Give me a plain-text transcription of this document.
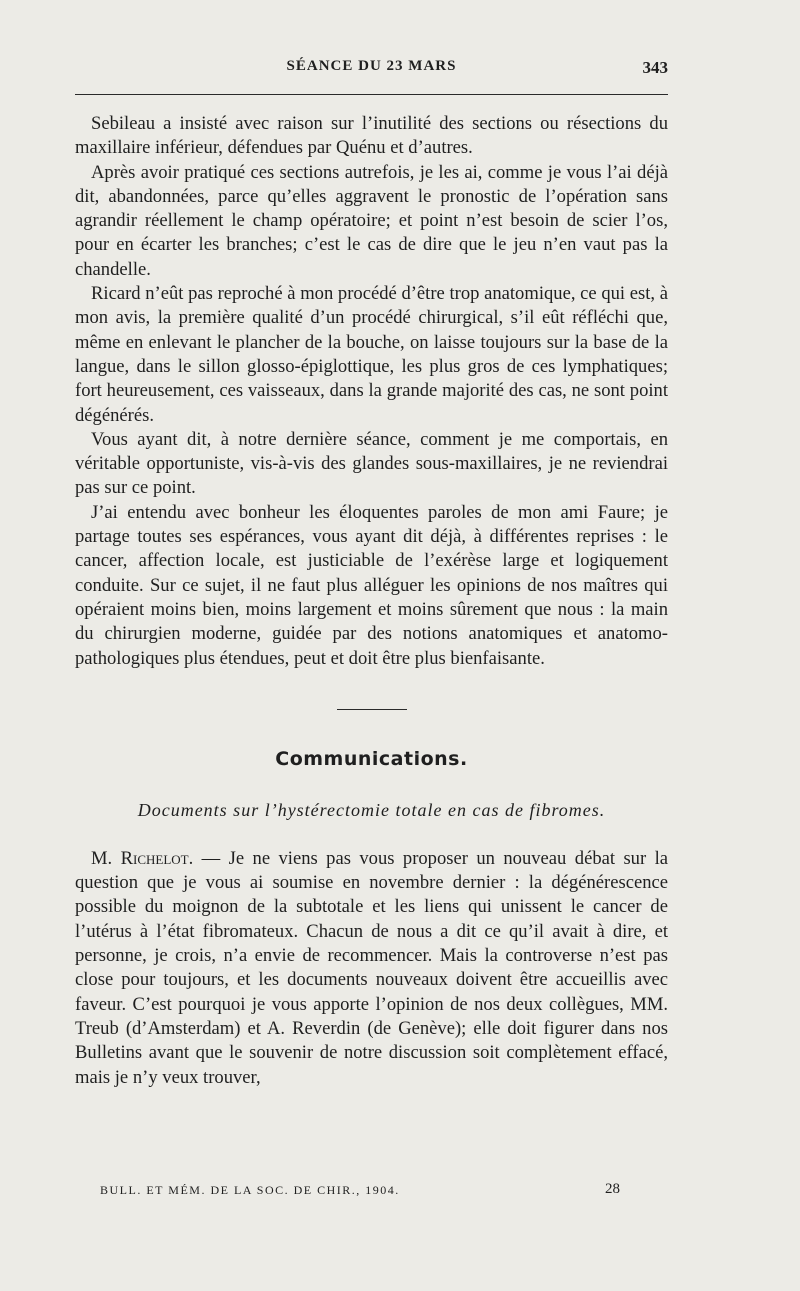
SÉANCE DU 23 MARS	343

Sebileau a insisté avec raison sur l’inutilité des sections ou résections du maxillaire inférieur, défendues par Quénu et d’autres.

Après avoir pratiqué ces sections autrefois, je les ai, comme je vous l’ai déjà dit, abandonnées, parce qu’elles aggravent le pronostic de l’opération sans agrandir réellement le champ opératoire; et point n’est besoin de scier l’os, pour en écarter les branches; c’est le cas de dire que le jeu n’en vaut pas la chandelle.

Ricard n’eût pas reproché à mon procédé d’être trop anatomique, ce qui est, à mon avis, la première qualité d’un procédé chirurgical, s’il eût réfléchi que, même en enlevant le plancher de la bouche, on laisse toujours sur la base de la langue, dans le sillon glosso-épiglottique, les plus gros de ces lymphatiques; fort heureusement, ces vaisseaux, dans la grande majorité des cas, ne sont point dégénérés.

Vous ayant dit, à notre dernière séance, comment je me comportais, en véritable opportuniste, vis-à-vis des glandes sous-maxillaires, je ne reviendrai pas sur ce point.

J’ai entendu avec bonheur les éloquentes paroles de mon ami Faure; je partage toutes ses espérances, vous ayant dit déjà, à différentes reprises : le cancer, affection locale, est justiciable de l’exérèse large et logiquement conduite. Sur ce sujet, il ne faut plus alléguer les opinions de nos maîtres qui opéraient moins bien, moins largement et moins sûrement que nous : la main du chirurgien moderne, guidée par des notions anatomiques et anatomo-pathologiques plus étendues, peut et doit être plus bienfaisante.

Communications.
Documents sur l’hystérectomie totale en cas de fibromes.

M. Richelot. — Je ne viens pas vous proposer un nouveau débat sur la question que je vous ai soumise en novembre dernier : la dégénérescence possible du moignon de la subtotale et les liens qui unissent le cancer de l’utérus à l’état fibromateux. Chacun de nous a dit ce qu’il avait à dire, et personne, je crois, n’a envie de recommencer. Mais la controverse n’est pas close pour toujours, et les documents nouveaux doivent être accueillis avec faveur. C’est pourquoi je vous apporte l’opinion de nos deux collègues, MM. Treub (d’Amsterdam) et A. Reverdin (de Genève); elle doit figurer dans nos Bulletins avant que le souvenir de notre discussion soit complètement effacé, mais je n’y veux trouver,

BULL. ET MÉM. DE LA SOC. DE CHIR., 1904.	28
